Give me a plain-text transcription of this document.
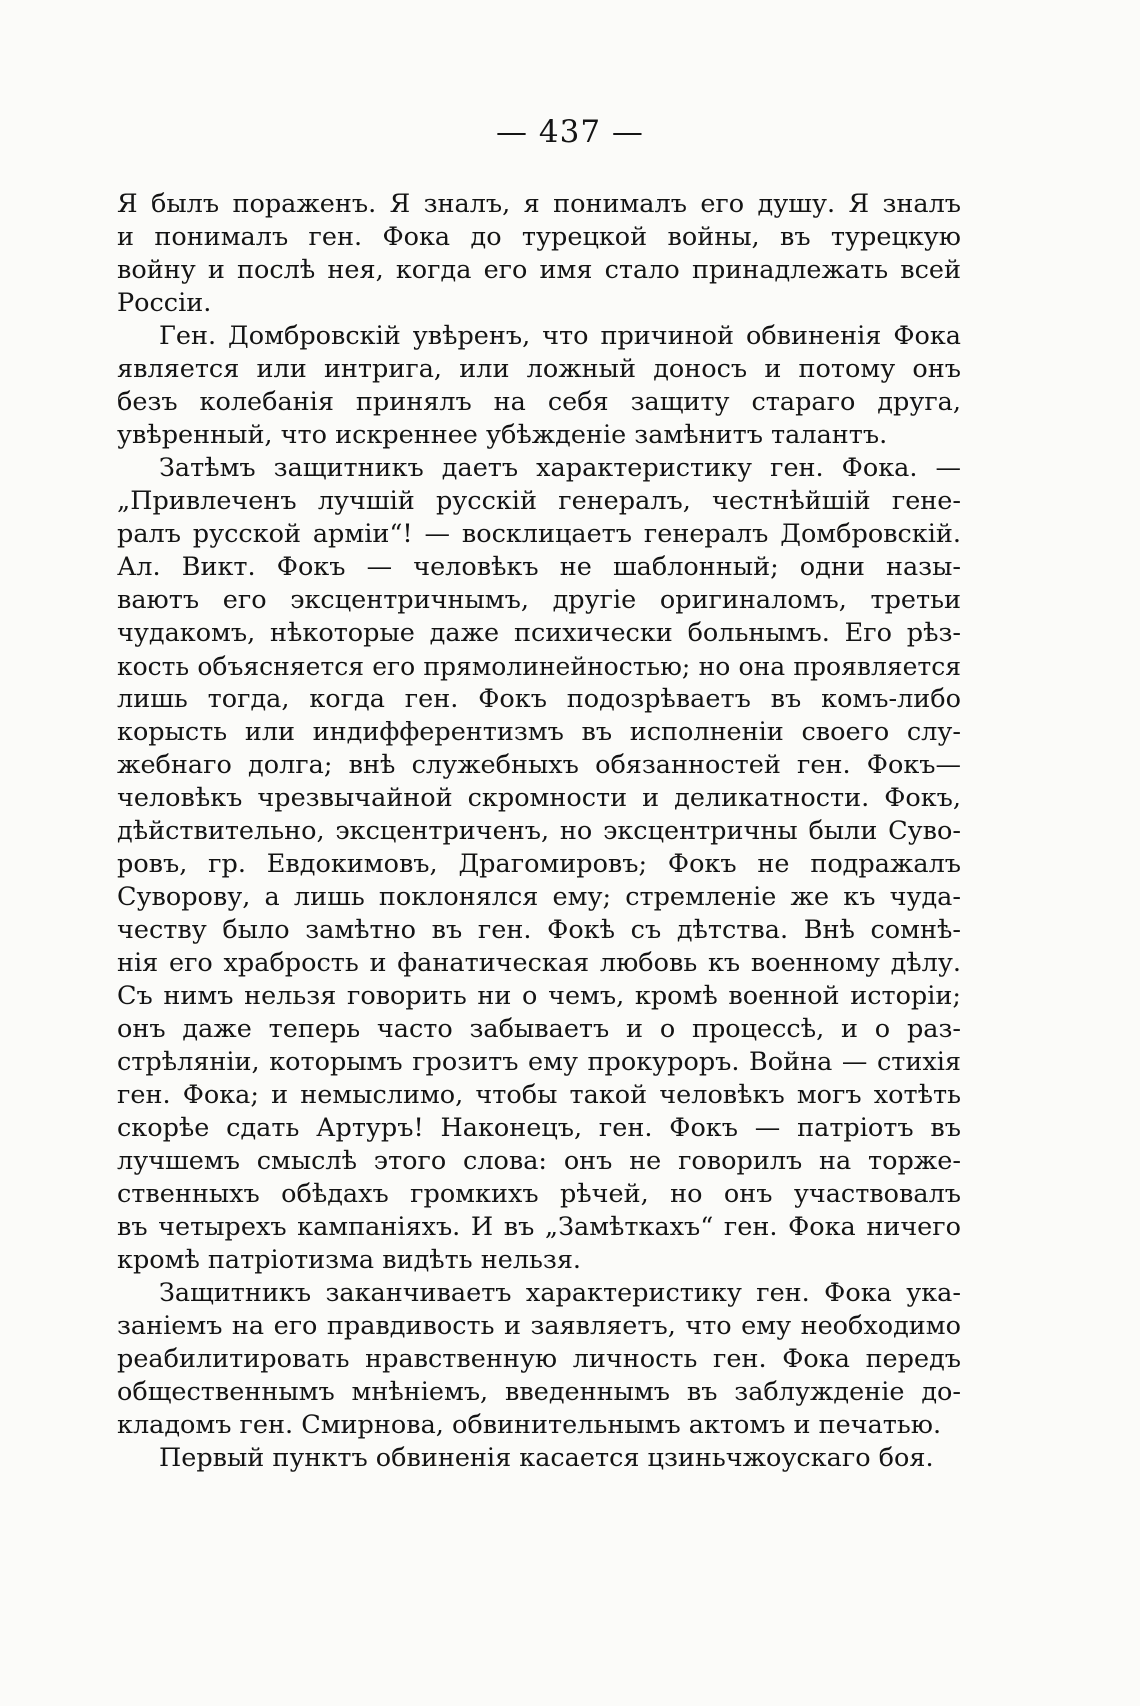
— 437 —
Я былъ пораженъ. Я зналъ, я понималъ его душу. Я зналъ
и понималъ ген. Фока до турецкой войны, въ турецкую
войну и послѣ нея, когда его имя стало принадлежать всей
Россіи.
Ген. Домбровскій увѣренъ, что причиной обвиненія Фока
является или интрига, или ложный доносъ и потому онъ
безъ колебанія принялъ на себя защиту стараго друга,
увѣренный, что искреннее убѣжденіе замѣнитъ талантъ.
Затѣмъ защитникъ даетъ характеристику ген. Фока. —
„Привлеченъ лучшій русскій генералъ, честнѣйшій гене-
ралъ русской арміи“! — восклицаетъ генералъ Домбровскій.
Ал. Викт. Фокъ — человѣкъ не шаблонный; одни назы-
ваютъ его эксцентричнымъ, другіе оригиналомъ, третьи
чудакомъ, нѣкоторые даже психически больнымъ. Его рѣз-
кость объясняется его прямолинейностью; но она проявляется
лишь тогда, когда ген. Фокъ подозрѣваетъ въ комъ-либо
корысть или индифферентизмъ въ исполненіи своего слу-
жебнаго долга; внѣ служебныхъ обязанностей ген. Фокъ—
человѣкъ чрезвычайной скромности и деликатности. Фокъ,
дѣйствительно, эксцентриченъ, но эксцентричны были Суво-
ровъ, гр. Евдокимовъ, Драгомировъ; Фокъ не подражалъ
Суворову, а лишь поклонялся ему; стремленіе же къ чуда-
честву было замѣтно въ ген. Фокѣ съ дѣтства. Внѣ сомнѣ-
нія его храбрость и фанатическая любовь къ военному дѣлу.
Съ нимъ нельзя говорить ни о чемъ, кромѣ военной исторіи;
онъ даже теперь часто забываетъ и о процессѣ, и о раз-
стрѣляніи, которымъ грозитъ ему прокуроръ. Война — стихія
ген. Фока; и немыслимо, чтобы такой человѣкъ могъ хотѣть
скорѣе сдать Артуръ! Наконецъ, ген. Фокъ — патріотъ въ
лучшемъ смыслѣ этого слова: онъ не говорилъ на торже-
ственныхъ обѣдахъ громкихъ рѣчей, но онъ участвовалъ
въ четырехъ кампаніяхъ. И въ „Замѣткахъ“ ген. Фока ничего
кромѣ патріотизма видѣть нельзя.
Защитникъ заканчиваетъ характеристику ген. Фока ука-
заніемъ на его правдивость и заявляетъ, что ему необходимо
реабилитировать нравственную личность ген. Фока передъ
общественнымъ мнѣніемъ, введеннымъ въ заблужденіе до-
кладомъ ген. Смирнова, обвинительнымъ актомъ и печатью.
Первый пунктъ обвиненія касается цзиньчжоускаго боя.
